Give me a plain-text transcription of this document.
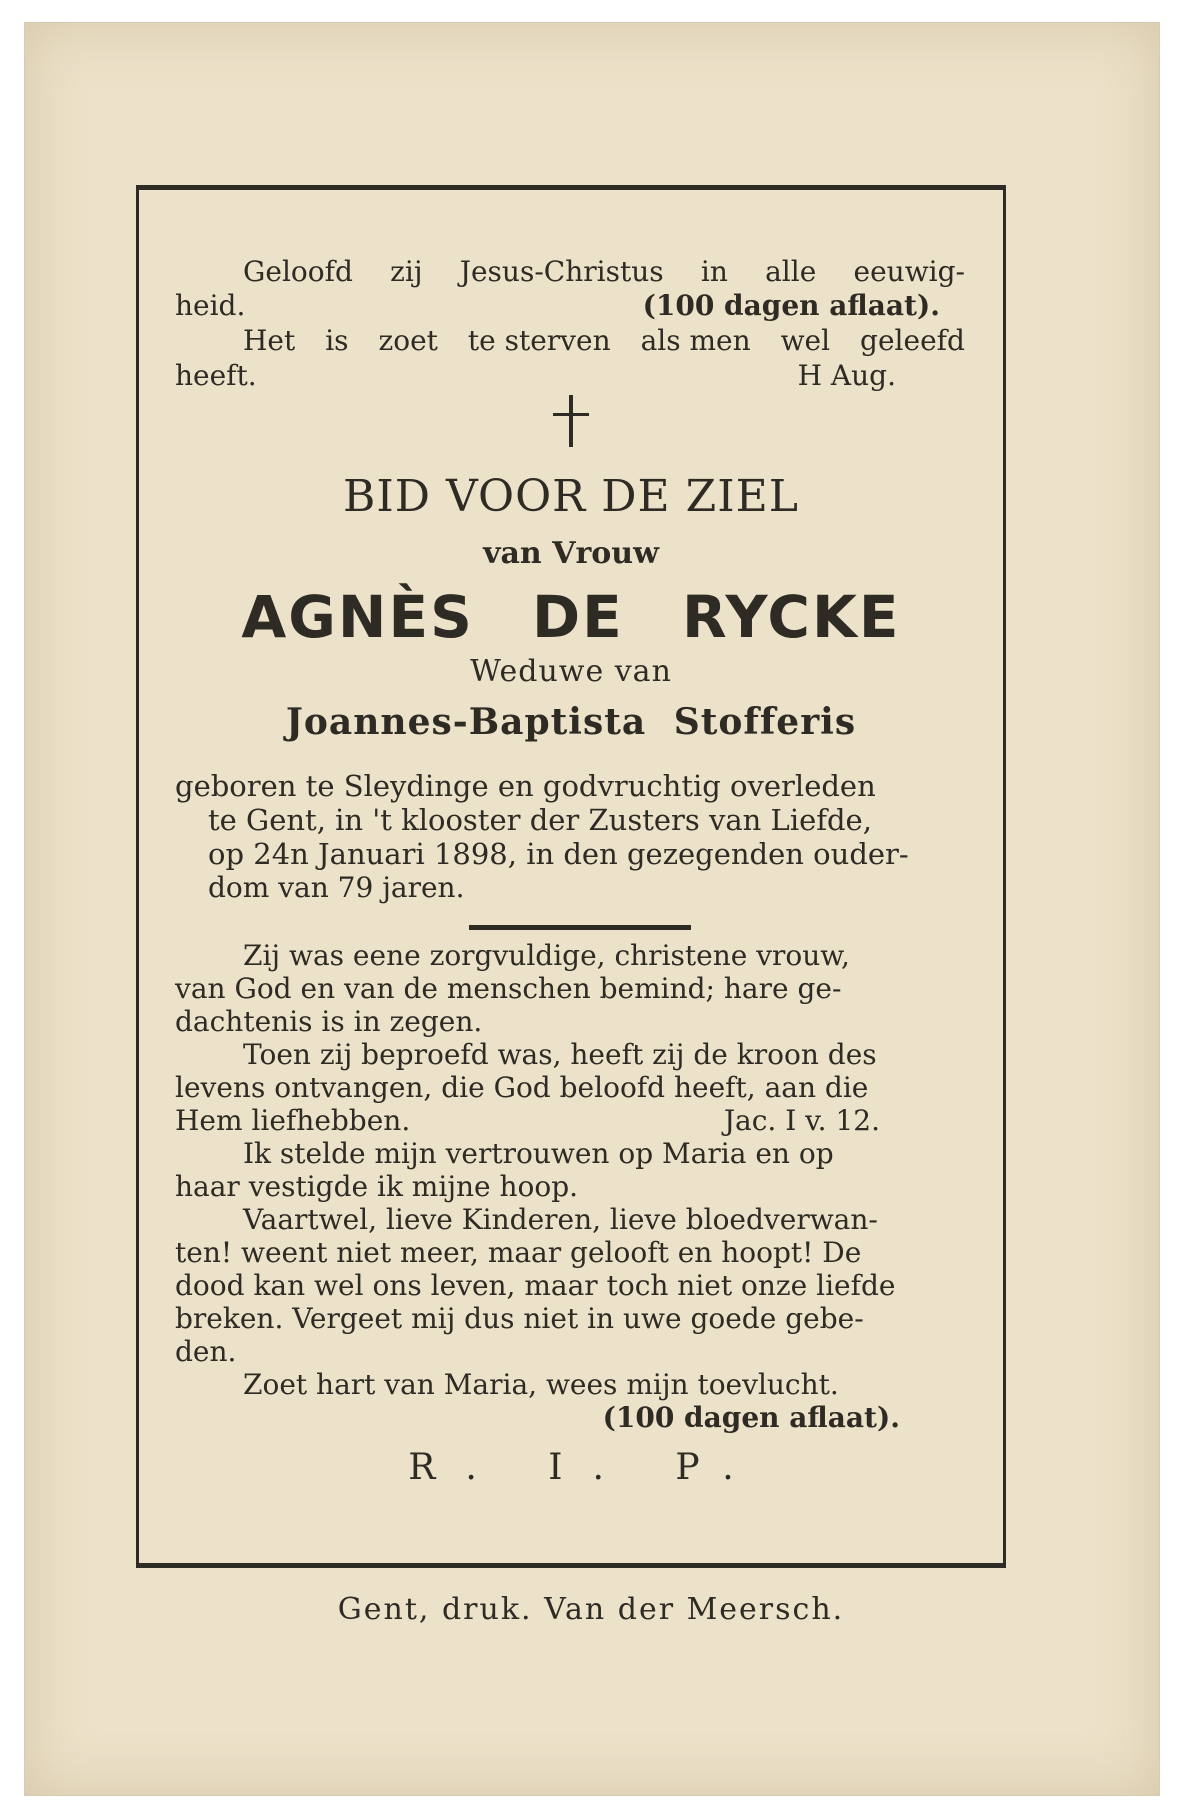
Geloofd zij Jesus-Christus in alle eeuwig-
heid.	(100 dagen aflaat).
Het is zoet te sterven als men wel geleefd
heeft.	H Aug.
BID VOOR DE ZIEL
van Vrouw
AGNÈS DE RYCKE
Weduwe van
Joannes-Baptista Stofferis
geboren te Sleydinge en godvruchtig overleden
te Gent, in 't klooster der Zusters van Liefde,
op 24n Januari 1898, in den gezegenden ouder-
dom van 79 jaren.
Zij was eene zorgvuldige, christene vrouw,
van God en van de menschen bemind; hare ge-
dachtenis is in zegen.
Toen zij beproefd was, heeft zij de kroon des
levens ontvangen, die God beloofd heeft, aan die
Hem liefhebben.	Jac. I v. 12.
Ik stelde mijn vertrouwen op Maria en op
haar vestigde ik mijne hoop.
Vaartwel, lieve Kinderen, lieve bloedverwan-
ten! weent niet meer, maar gelooft en hoopt! De
dood kan wel ons leven, maar toch niet onze liefde
breken. Vergeet mij dus niet in uwe goede gebe-
den.
Zoet hart van Maria, wees mijn toevlucht.
(100 dagen aflaat).
R. I. P.
Gent, druk. Van der Meersch.
